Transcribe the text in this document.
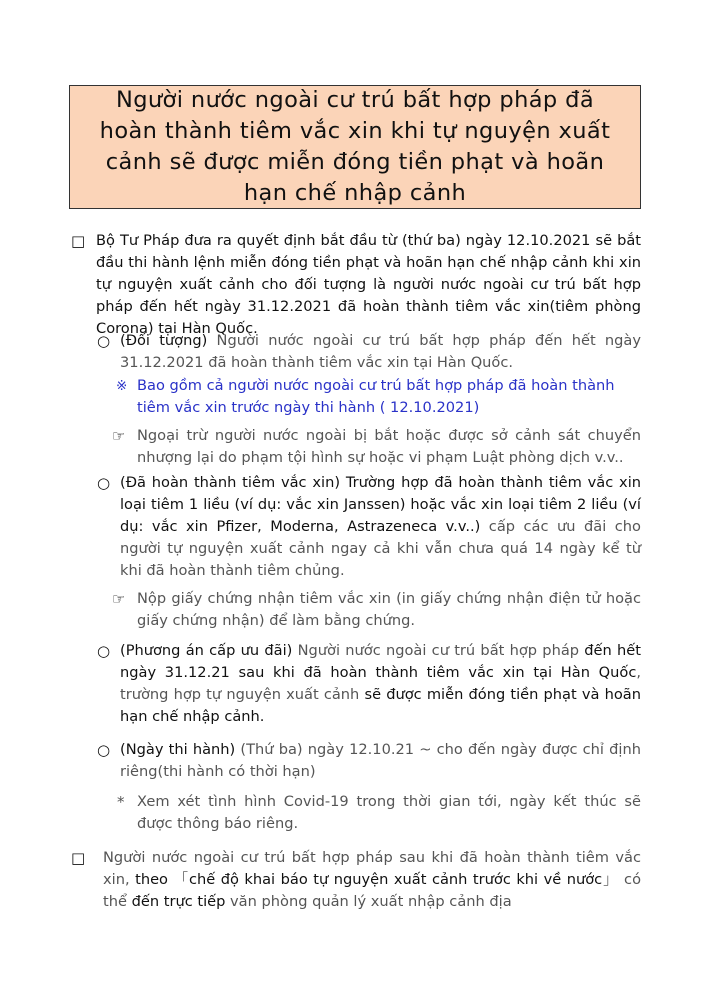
Người nước ngoài cư trú bất hợp pháp đã hoàn thành tiêm vắc xin khi tự nguyện xuất cảnh sẽ được miễn đóng tiền phạt và hoãn hạn chế nhập cảnh
□ Bộ Tư Pháp đưa ra quyết định bắt đầu từ (thứ ba) ngày 12.10.2021 sẽ bắt đầu thi hành lệnh miễn đóng tiền phạt và hoãn hạn chế nhập cảnh khi xin tự nguyện xuất cảnh cho đối tượng là người nước ngoài cư trú bất hợp pháp đến hết ngày 31.12.2021 đã hoàn thành tiêm vắc xin(tiêm phòng Corona) tại Hàn Quốc.

○ (Đối tượng) Người nước ngoài cư trú bất hợp pháp đến hết ngày 31.12.2021 đã hoàn thành tiêm vắc xin tại Hàn Quốc.

※ Bao gồm cả người nước ngoài cư trú bất hợp pháp đã hoàn thành tiêm vắc xin trước ngày thi hành ( 12.10.2021)

☞ Ngoại trừ người nước ngoài bị bắt hoặc được sở cảnh sát chuyển nhượng lại do phạm tội hình sự hoặc vi phạm Luật phòng dịch v.v..

○ (Đã hoàn thành tiêm vắc xin) Trường hợp đã hoàn thành tiêm vắc xin loại tiêm 1 liều (ví dụ: vắc xin Janssen) hoặc vắc xin loại tiêm 2 liều (ví dụ: vắc xin Pfizer, Moderna, Astrazeneca v.v..) cấp các ưu đãi cho người tự nguyện xuất cảnh ngay cả khi vẫn chưa quá 14 ngày kể từ khi đã hoàn thành tiêm chủng.

☞ Nộp giấy chứng nhận tiêm vắc xin (in giấy chứng nhận điện tử hoặc giấy chứng nhận) để làm bằng chứng.

○ (Phương án cấp ưu đãi) Người nước ngoài cư trú bất hợp pháp đến hết ngày 31.12.21 sau khi đã hoàn thành tiêm vắc xin tại Hàn Quốc, trường hợp tự nguyện xuất cảnh sẽ được miễn đóng tiền phạt và hoãn hạn chế nhập cảnh.

○ (Ngày thi hành) (Thứ ba) ngày 12.10.21 ~ cho đến ngày được chỉ định riêng(thi hành có thời hạn)

* Xem xét tình hình Covid-19 trong thời gian tới, ngày kết thúc sẽ được thông báo riêng.

□ Người nước ngoài cư trú bất hợp pháp sau khi đã hoàn thành tiêm vắc xin, theo 「chế độ khai báo tự nguyện xuất cảnh trước khi về nước」 có thể đến trực tiếp văn phòng quản lý xuất nhập cảnh địa
